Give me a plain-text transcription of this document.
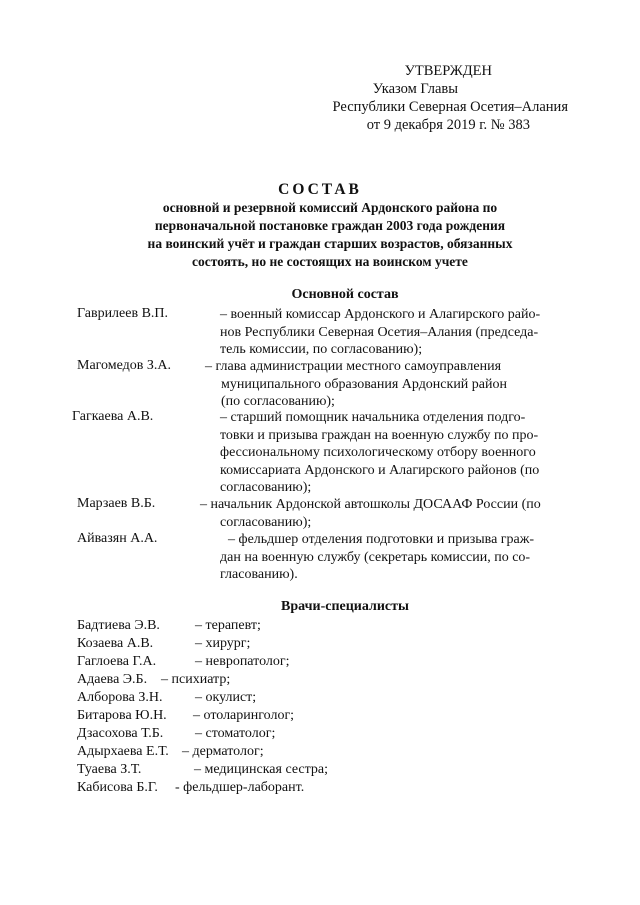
УТВЕРЖДЕН
Указом Главы
Республики Северная Осетия–Алания
от 9 декабря 2019 г. № 383
СОСТАВ
основной и резервной комиссий Ардонского района по
первоначальной постановке граждан 2003 года рождения
на воинский учёт и граждан старших возрастов, обязанных
состоять, но не состоящих на воинском учете
Основной состав
Гаврилеев В.П.	– военный комиссар Ардонского и Алагирского райо-
нов Республики Северная Осетия–Алания (председа-
тель комиссии, по согласованию);
Магомедов З.А. – глава администрации местного самоуправления
муниципального образования Ардонский район
(по согласованию);
Гагкаева А.В.	– старший помощник начальника отделения подго-
товки и призыва граждан на военную службу по про-
фессиональному психологическому отбору военного
комиссариата Ардонского и Алагирского районов (по
согласованию);
Марзаев В.Б.	– начальник Ардонской автошколы ДОСААФ России (по
согласованию);
Айвазян А.А.	– фельдшер отделения подготовки и призыва граж-
дан на военную службу (секретарь комиссии, по со-
гласованию).
Врачи-специалисты
Бадтиева Э.В.	– терапевт;
Козаева А.В.	– хирург;
Гаглоева Г.А.	– невропатолог;
Адаева Э.Б. – психиатр;
Алборова З.Н. – окулист;
Битарова Ю.Н. – отоларинголог;
Дзасохова Т.Б. – стоматолог;
Адырхаева Е.Т. – дерматолог;
Туаева З.Т.	– медицинская сестра;
Кабисова Б.Г. - фельдшер-лаборант.
